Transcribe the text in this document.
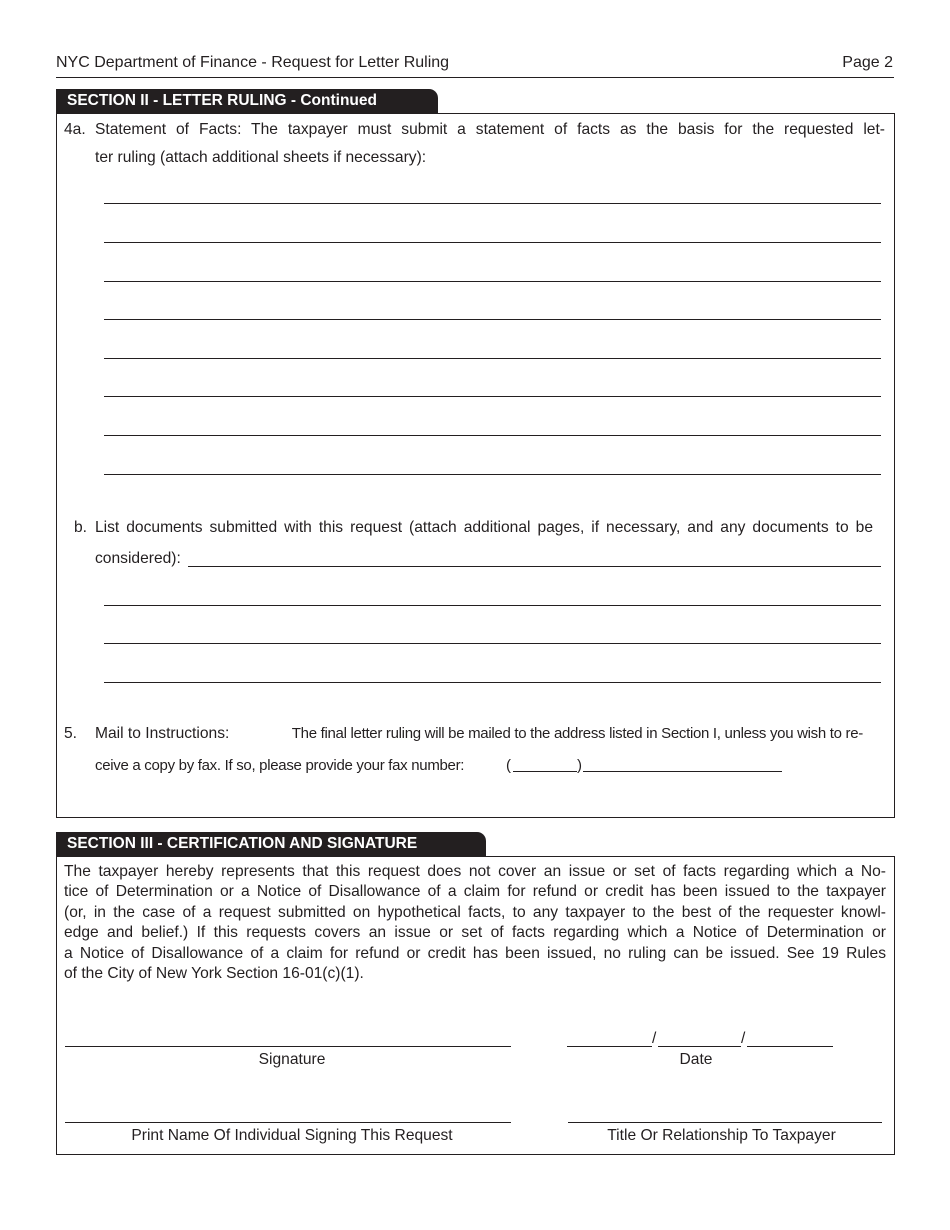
NYC Department of Finance - Request for Letter Ruling	Page 2
SECTION II - LETTER RULING - Continued
4a. Statement of Facts: The taxpayer must submit a statement of facts as the basis for the requested let-
ter ruling (attach additional sheets if necessary):
b. List documents submitted with this request (attach additional pages, if necessary, and any documents to be
considered):
5. Mail to Instructions:	The final letter ruling will be mailed to the address listed in Section I, unless you wish to re-
ceive a copy by fax. If so, please provide your fax number:	(	)
SECTION III - CERTIFICATION AND SIGNATURE
The taxpayer hereby represents that this request does not cover an issue or set of facts regarding which a No-
tice of Determination or a Notice of Disallowance of a claim for refund or credit has been issued to the taxpayer
(or, in the case of a request submitted on hypothetical facts, to any taxpayer to the best of the requester knowl-
edge and belief.) If this requests covers an issue or set of facts regarding which a Notice of Determination or
a Notice of Disallowance of a claim for refund or credit has been issued, no ruling can be issued. See 19 Rules
of the City of New York Section 16-01(c)(1).
Signature
/	/
Date
Print Name Of Individual Signing This Request	Title Or Relationship To Taxpayer
